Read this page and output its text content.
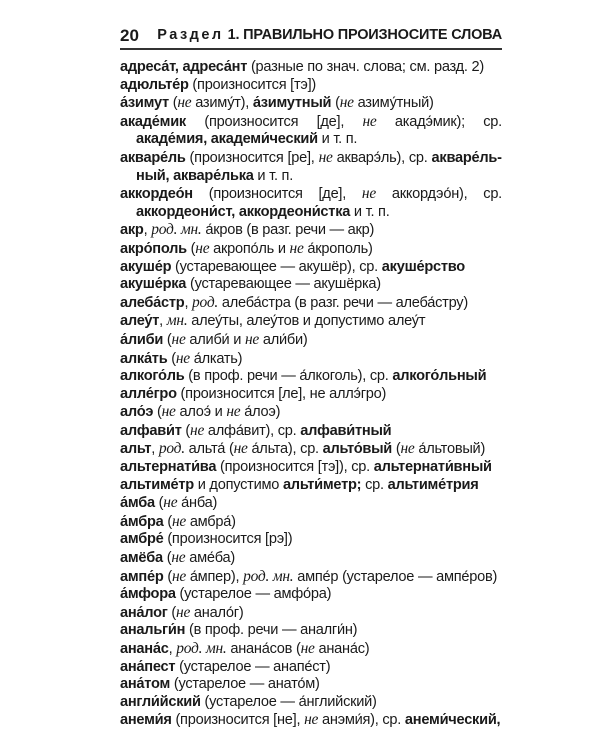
20 Раздел 1. ПРАВИЛЬНО ПРОИЗНОСИТЕ СЛОВА
адреса́т, адреса́нт (разные по знач. слова; см. разд. 2)
адюльте́р (произносится [тэ])
а́зимут (не азиму́т), а́зимутный (не азиму́тный)
акаде́мик (произносится [де], не акадэ́мик); ср. акаде́мия, академи́ческий и т. п.
акваре́ль (произносится [ре], не акварэ́ль), ср. акваре́льный, акваре́лька и т. п.
аккордео́н (произносится [де], не аккордэо́н), ср. аккордеони́ст, аккордеони́стка и т. п.
акр, род. мн. а́кров (в разг. речи — акр)
акро́поль (не акропо́ль и не а́крополь)
акуше́р (устаревающее — акушёр), ср. акуше́рство
акуше́рка (устаревающее — акушёрка)
алеба́стр, род. алеба́стра (в разг. речи — алеба́стру)
алеу́т, мн. алеу́ты, алеу́тов и допустимо алеу́т
а́либи (не алиби́ и не али́би)
алка́ть (не а́лкать)
алкого́ль (в проф. речи — а́лкоголь), ср. алкого́льный
алле́гро (произносится [ле], не аллэ́гро)
ало́э (не алоэ́ и не а́лоэ)
алфави́т (не алфа́вит), ср. алфави́тный
альт, род. альта́ (не а́льта), ср. альто́вый (не а́льтовый)
альтернати́ва (произносится [тэ]), ср. альтернати́вный
альтиме́тр и допустимо альти́метр; ср. альтиме́трия
а́мба (не а́нба)
а́мбра (не амбра́)
амбре́ (произносится [рэ])
амёба (не аме́ба)
ампе́р (не а́мпер), род. мн. ампе́р (устарелое — ампе́ров)
а́мфора (устарелое — амфо́ра)
ана́лог (не анало́г)
анальги́н (в проф. речи — аналги́н)
анана́с, род. мн. анана́сов (не анана́с)
ана́пест (устарелое — анапе́ст)
ана́том (устарелое — анато́м)
англи́йский (устарелое — а́нглийский)
анеми́я (произносится [не], не анэми́я), ср. анеми́ческий,
